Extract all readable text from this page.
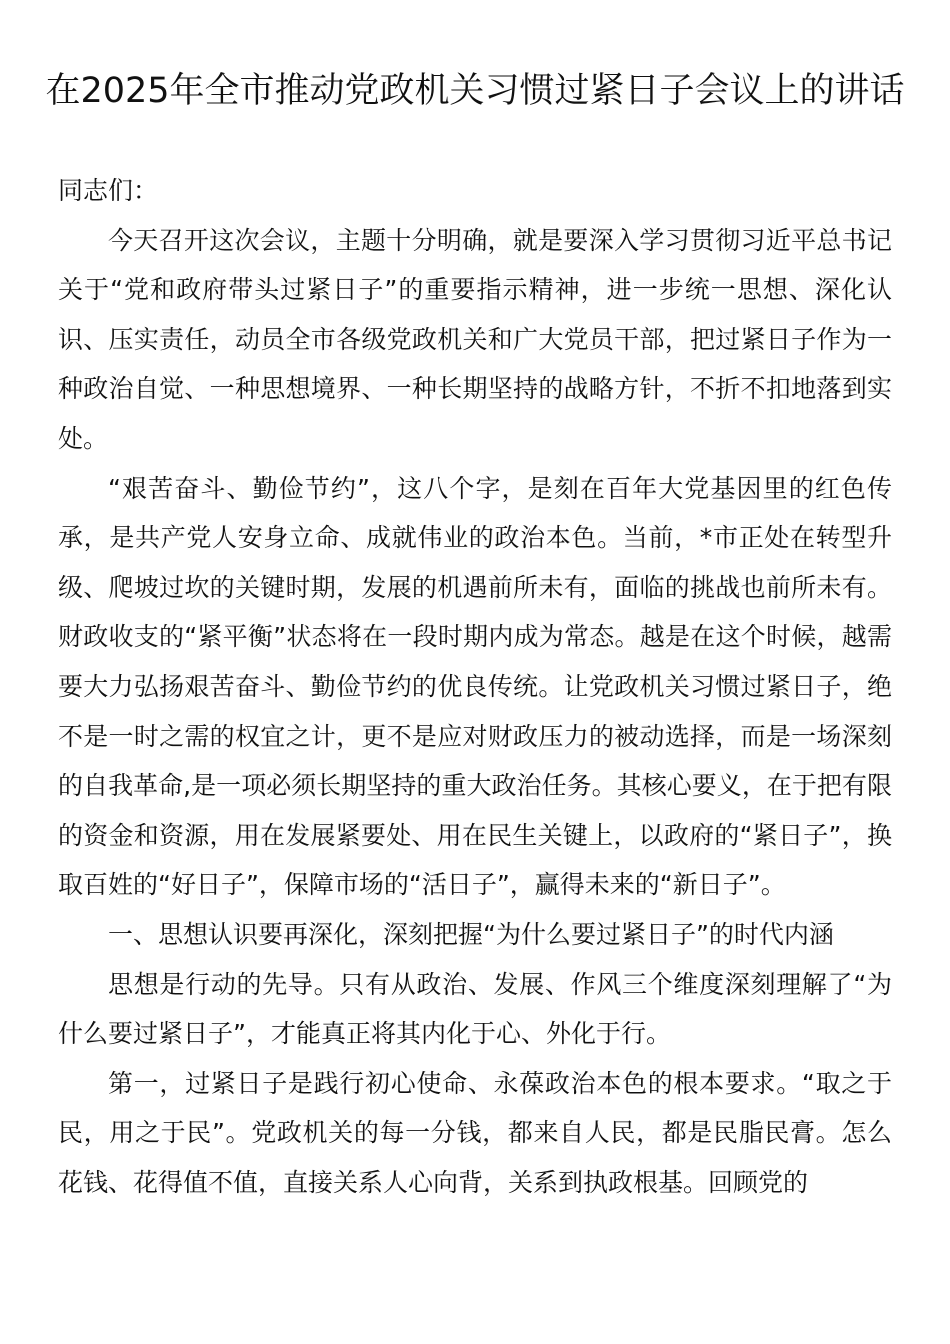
在2025年全市推动党政机关习惯过紧日子会议上的讲话

同志们：

今天召开这次会议，主题十分明确，就是要深入学习贯彻习近平总书记关于“党和政府带头过紧日子”的重要指示精神，进一步统一思想、深化认识、压实责任，动员全市各级党政机关和广大党员干部，把过紧日子作为一种政治自觉、一种思想境界、一种长期坚持的战略方针，不折不扣地落到实处。

“艰苦奋斗、勤俭节约”，这八个字，是刻在百年大党基因里的红色传承，是共产党人安身立命、成就伟业的政治本色。当前，*市正处在转型升级、爬坡过坎的关键时期，发展的机遇前所未有，面临的挑战也前所未有。财政收支的“紧平衡”状态将在一段时期内成为常态。越是在这个时候，越需要大力弘扬艰苦奋斗、勤俭节约的优良传统。让党政机关习惯过紧日子，绝不是一时之需的权宜之计，更不是应对财政压力的被动选择，而是一场深刻的自我革命,是一项必须长期坚持的重大政治任务。其核心要义，在于把有限的资金和资源，用在发展紧要处、用在民生关键上，以政府的“紧日子”，换取百姓的“好日子”，保障市场的“活日子”，赢得未来的“新日子”。

一、思想认识要再深化，深刻把握“为什么要过紧日子”的时代内涵

思想是行动的先导。只有从政治、发展、作风三个维度深刻理解了“为什么要过紧日子”，才能真正将其内化于心、外化于行。

第一，过紧日子是践行初心使命、永葆政治本色的根本要求。“取之于民，用之于民”。党政机关的每一分钱，都来自人民，都是民脂民膏。怎么花钱、花得值不值，直接关系人心向背，关系到执政根基。回顾党的
